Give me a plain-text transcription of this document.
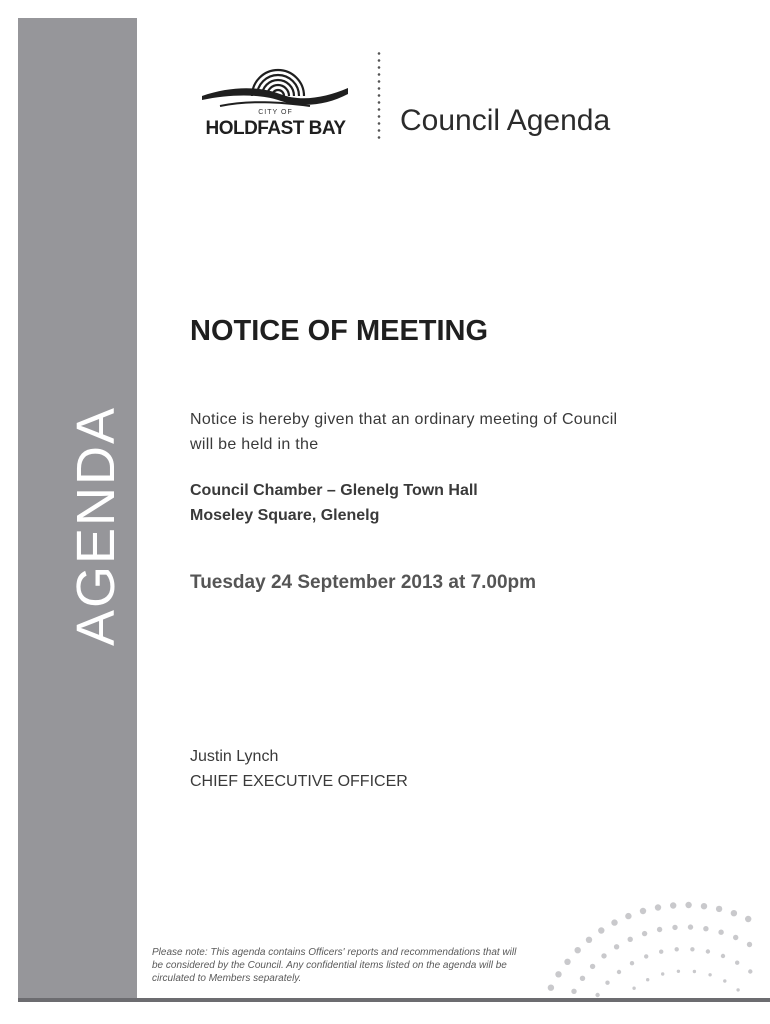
AGENDA
CITY OF
HOLDFAST BAY	Council Agenda
NOTICE OF MEETING
Notice is hereby given that an ordinary meeting of Council will be held in the
Council Chamber – Glenelg Town Hall
Moseley Square, Glenelg
Tuesday 24 September 2013 at 7.00pm
Justin Lynch
CHIEF EXECUTIVE OFFICER
Please note: This agenda contains Officers' reports and recommendations that will be considered by the Council. Any confidential items listed on the agenda will be circulated to Members separately.
